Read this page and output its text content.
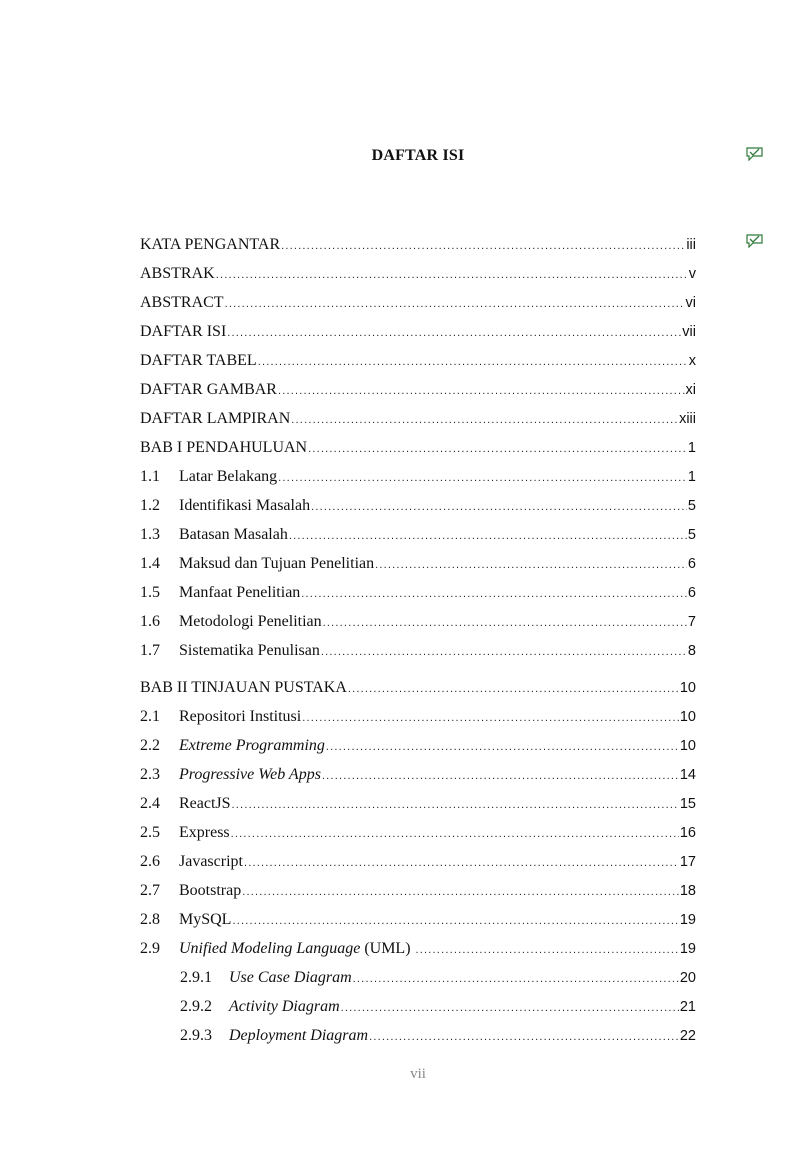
DAFTAR ISI
KATA PENGANTAR .....	iii
ABSTRAK .....	v
ABSTRACT .....	vi
DAFTAR ISI .....	vii
DAFTAR TABEL .....	x
DAFTAR GAMBAR .....	xi
DAFTAR LAMPIRAN .....	xiii
BAB I PENDAHULUAN .....	1
1.1	Latar Belakang .....	1
1.2	Identifikasi Masalah .....	5
1.3	Batasan Masalah .....	5
1.4	Maksud dan Tujuan Penelitian .....	6
1.5	Manfaat Penelitian .....	6
1.6	Metodologi Penelitian .....	7
1.7	Sistematika Penulisan .....	8
BAB II TINJAUAN PUSTAKA .....	10
2.1	Repositori Institusi .....	10
2.2	Extreme Programming .....	10
2.3	Progressive Web Apps .....	14
2.4	ReactJS .....	15
2.5	Express .....	16
2.6	Javascript .....	17
2.7	Bootstrap .....	18
2.8	MySQL .....	19
2.9	Unified Modeling Language (UML) .....	19
2.9.1	Use Case Diagram .....	20
2.9.2	Activity Diagram .....	21
2.9.3	Deployment Diagram .....	22
vii
